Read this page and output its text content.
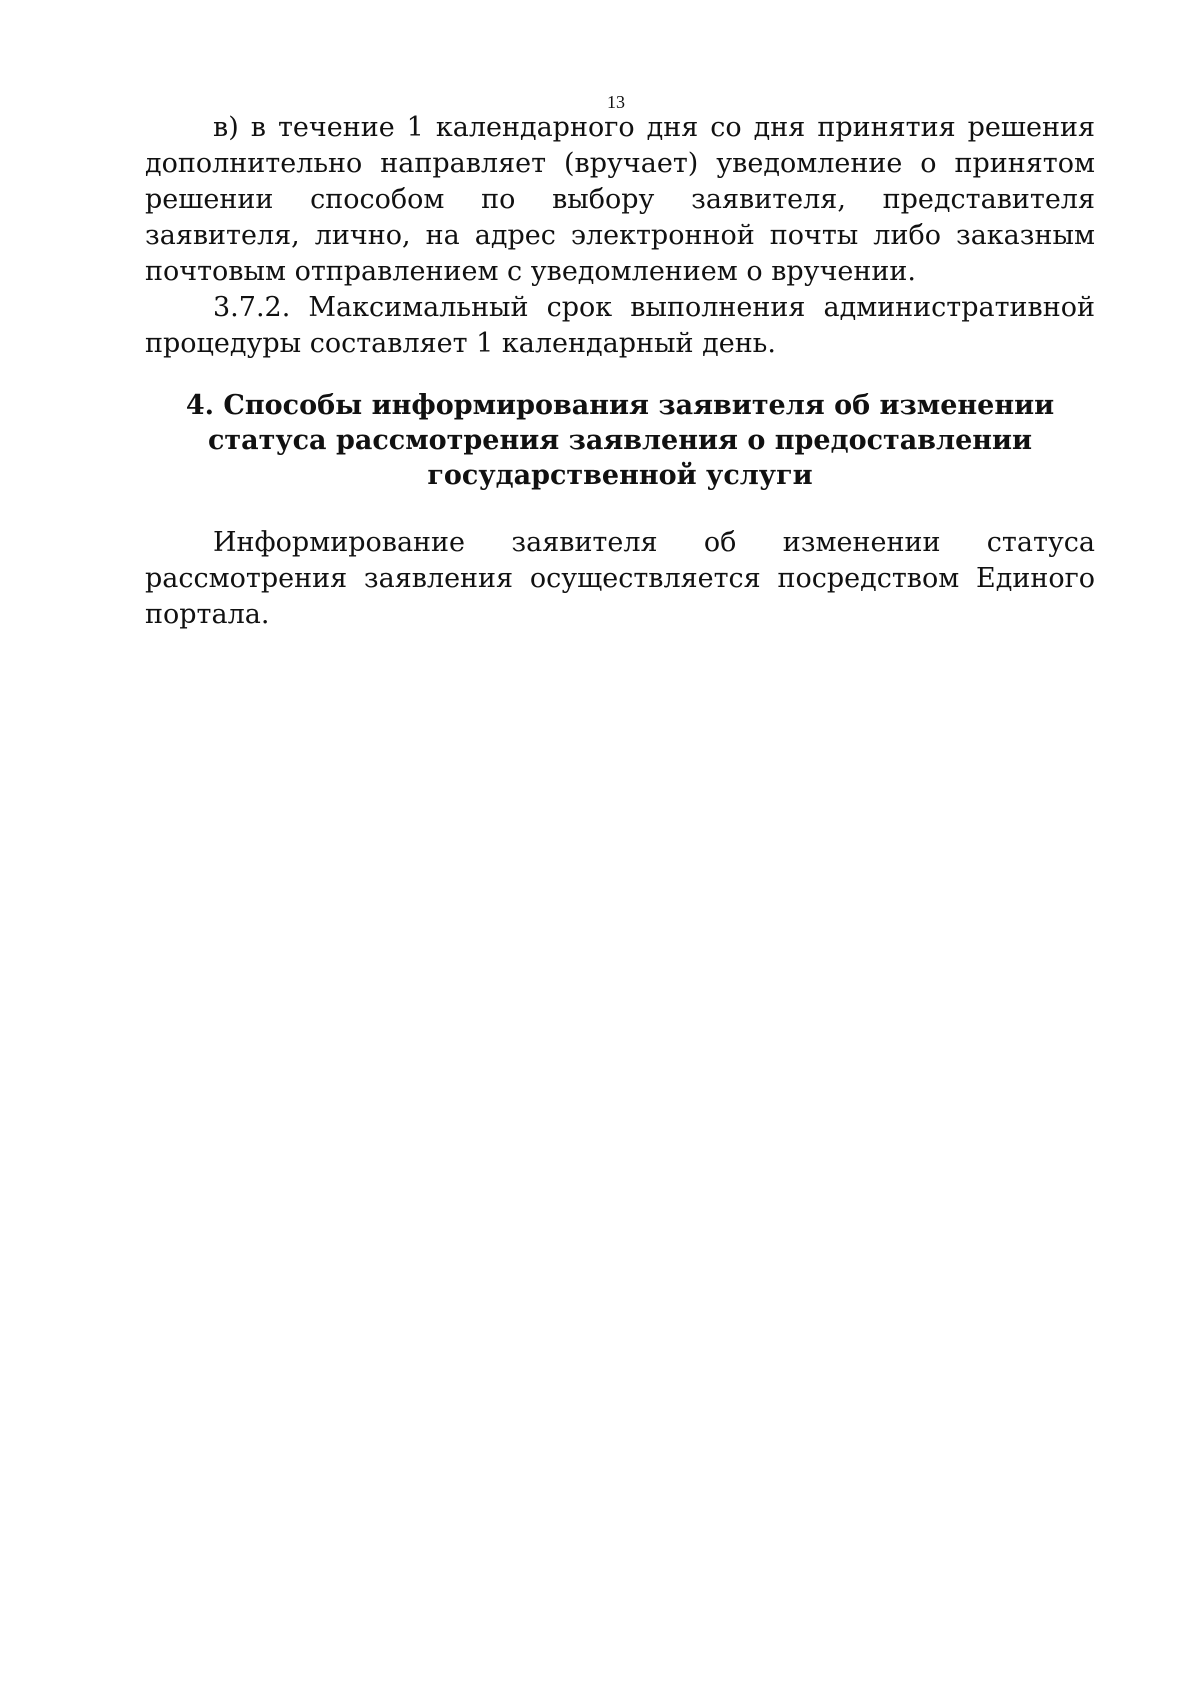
13

в) в течение 1 календарного дня со дня принятия решения дополнительно направляет (вручает) уведомление о принятом решении способом по выбору заявителя, представителя заявителя, лично, на адрес электронной почты либо заказным почтовым отправлением с уведомлением о вручении.

3.7.2. Максимальный срок выполнения административной процедуры составляет 1 календарный день.

4. Способы информирования заявителя об изменении статуса рассмотрения заявления о предоставлении государственной услуги

Информирование заявителя об изменении статуса рассмотрения заявления осуществляется посредством Единого портала.
